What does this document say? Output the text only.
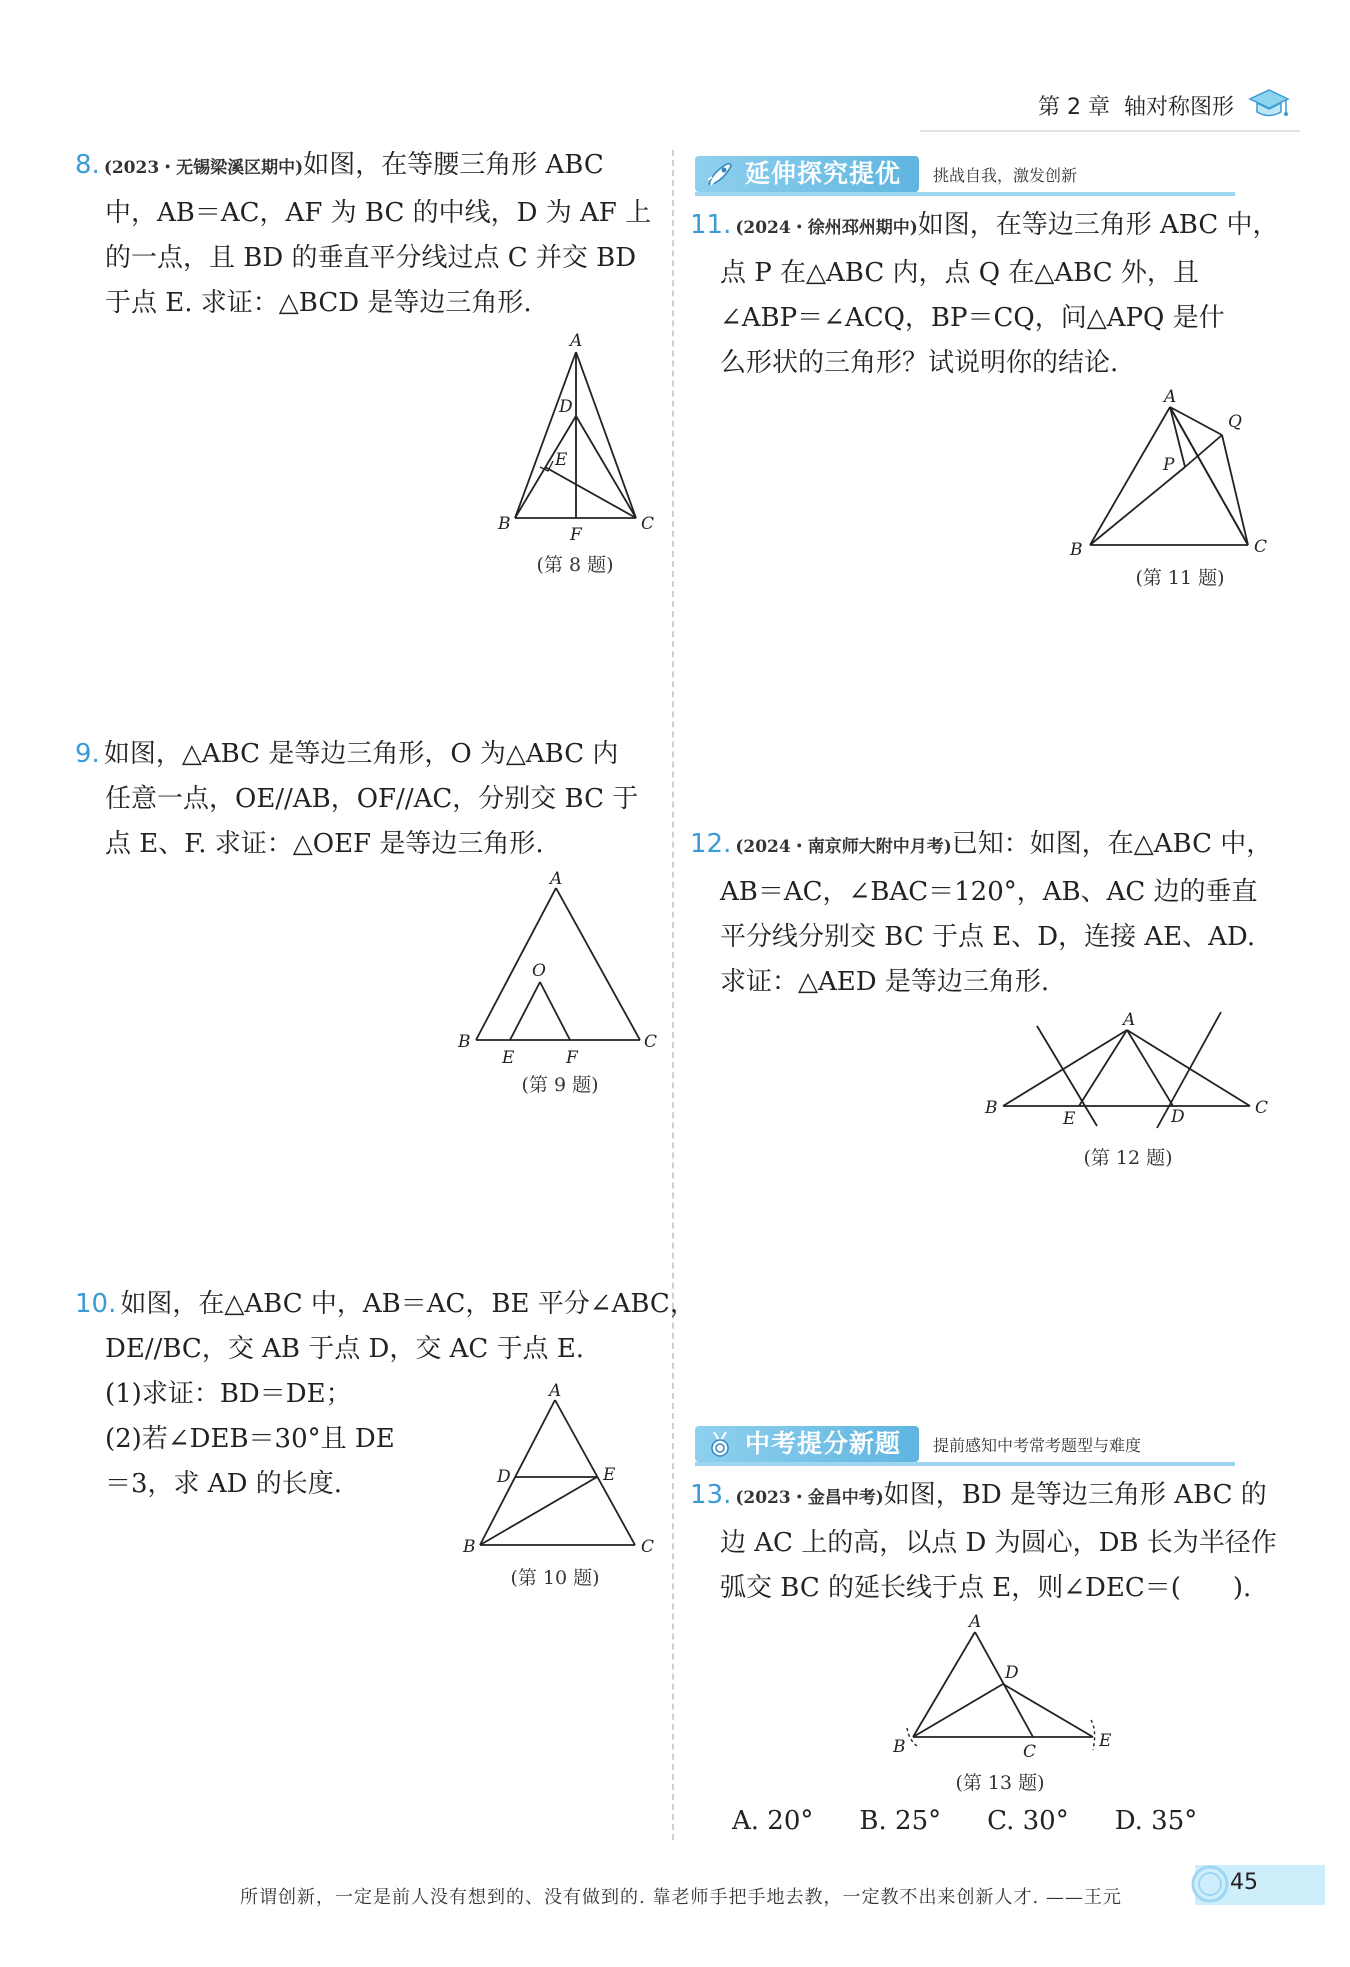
第 2 章 轴对称图形
8. (2023・无锡梁溪区期中)如图，在等腰三角形 ABC
中，AB＝AC，AF 为 BC 的中线，D 为 AF 上
的一点，且 BD 的垂直平分线过点 C 并交 BD
于点 E. 求证：△BCD 是等边三角形.
A
B	C
D
E
F
(第 8 题)
9. 如图，△ABC 是等边三角形，O 为△ABC 内
任意一点，OE//AB，OF//AC，分别交 BC 于
点 E、F. 求证：△OEF 是等边三角形.
A
B	C
O
E	F
(第 9 题)
10. 如图，在△ABC 中，AB＝AC，BE 平分∠ABC，
DE//BC，交 AB 于点 D，交 AC 于点 E.
(1)求证：BD＝DE；
(2)若∠DEB＝30°且 DE
＝3，求 AD 的长度.
A
B	C
D	E
(第 10 题)
延伸探究提优	挑战自我，激发创新
11. (2024・徐州邳州期中)如图，在等边三角形 ABC 中，
点 P 在△ABC 内，点 Q 在△ABC 外，且
∠ABP＝∠ACQ，BP＝CQ，问△APQ 是什
么形状的三角形？试说明你的结论.
A
B	C
P
Q
(第 11 题)
12. (2024・南京师大附中月考)已知：如图，在△ABC 中，
AB＝AC，∠BAC＝120°，AB、AC 边的垂直
平分线分别交 BC 于点 E、D，连接 AE、AD.
求证：△AED 是等边三角形.
A
B	C
D
E
(第 12 题)
中考提分新题	提前感知中考常考题型与难度
13. (2023・金昌中考)如图，BD 是等边三角形 ABC 的
边 AC 上的高，以点 D 为圆心，DB 长为半径作
弧交 BC 的延长线于点 E，则∠DEC＝(　　).
A
B	C
D
E
(第 13 题)
A. 20° B. 25° C. 30° D. 35°
所谓创新，一定是前人没有想到的、没有做到的. 靠老师手把手地去教，一定教不出来创新人才. ——王元
45
